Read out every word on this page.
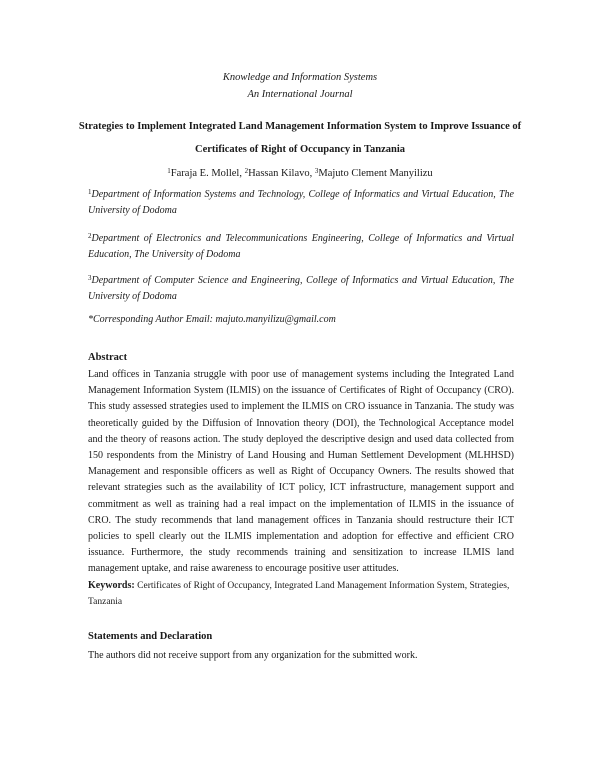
Knowledge and Information Systems
An International Journal
Strategies to Implement Integrated Land Management Information System to Improve Issuance of
Certificates of Right of Occupancy in Tanzania
$^1$Faraja E. Mollel, $^2$Hassan Kilavo, $^3$Majuto Clement Manyilizu
$^1$Department of Information Systems and Technology, College of Informatics and Virtual Education, The University of Dodoma
$^2$Department of Electronics and Telecommunications Engineering, College of Informatics and Virtual Education, The University of Dodoma
$^3$Department of Computer Science and Engineering, College of Informatics and Virtual Education, The University of Dodoma
*Corresponding Author Email: majuto.manyilizu@gmail.com
Abstract
Land offices in Tanzania struggle with poor use of management systems including the Integrated Land Management Information System (ILMIS) on the issuance of Certificates of Right of Occupancy (CRO). This study assessed strategies used to implement the ILMIS on CRO issuance in Tanzania. The study was theoretically guided by the Diffusion of Innovation theory (DOI), the Technological Acceptance model and the theory of reasons action. The study deployed the descriptive design and used data collected from 150 respondents from the Ministry of Land Housing and Human Settlement Development (MLHHSD) Management and responsible officers as well as Right of Occupancy Owners. The results showed that relevant strategies such as the availability of ICT policy, ICT infrastructure, management support and commitment as well as training had a real impact on the implementation of ILMIS in the issuance of CRO. The study recommends that land management offices in Tanzania should restructure their ICT policies to spell clearly out the ILMIS implementation and adoption for effective and efficient CRO issuance. Furthermore, the study recommends training and sensitization to increase ILMIS land management uptake, and raise awareness to encourage positive user attitudes.
Keywords: Certificates of Right of Occupancy, Integrated Land Management Information System, Strategies, Tanzania
Statements and Declaration
The authors did not receive support from any organization for the submitted work.
